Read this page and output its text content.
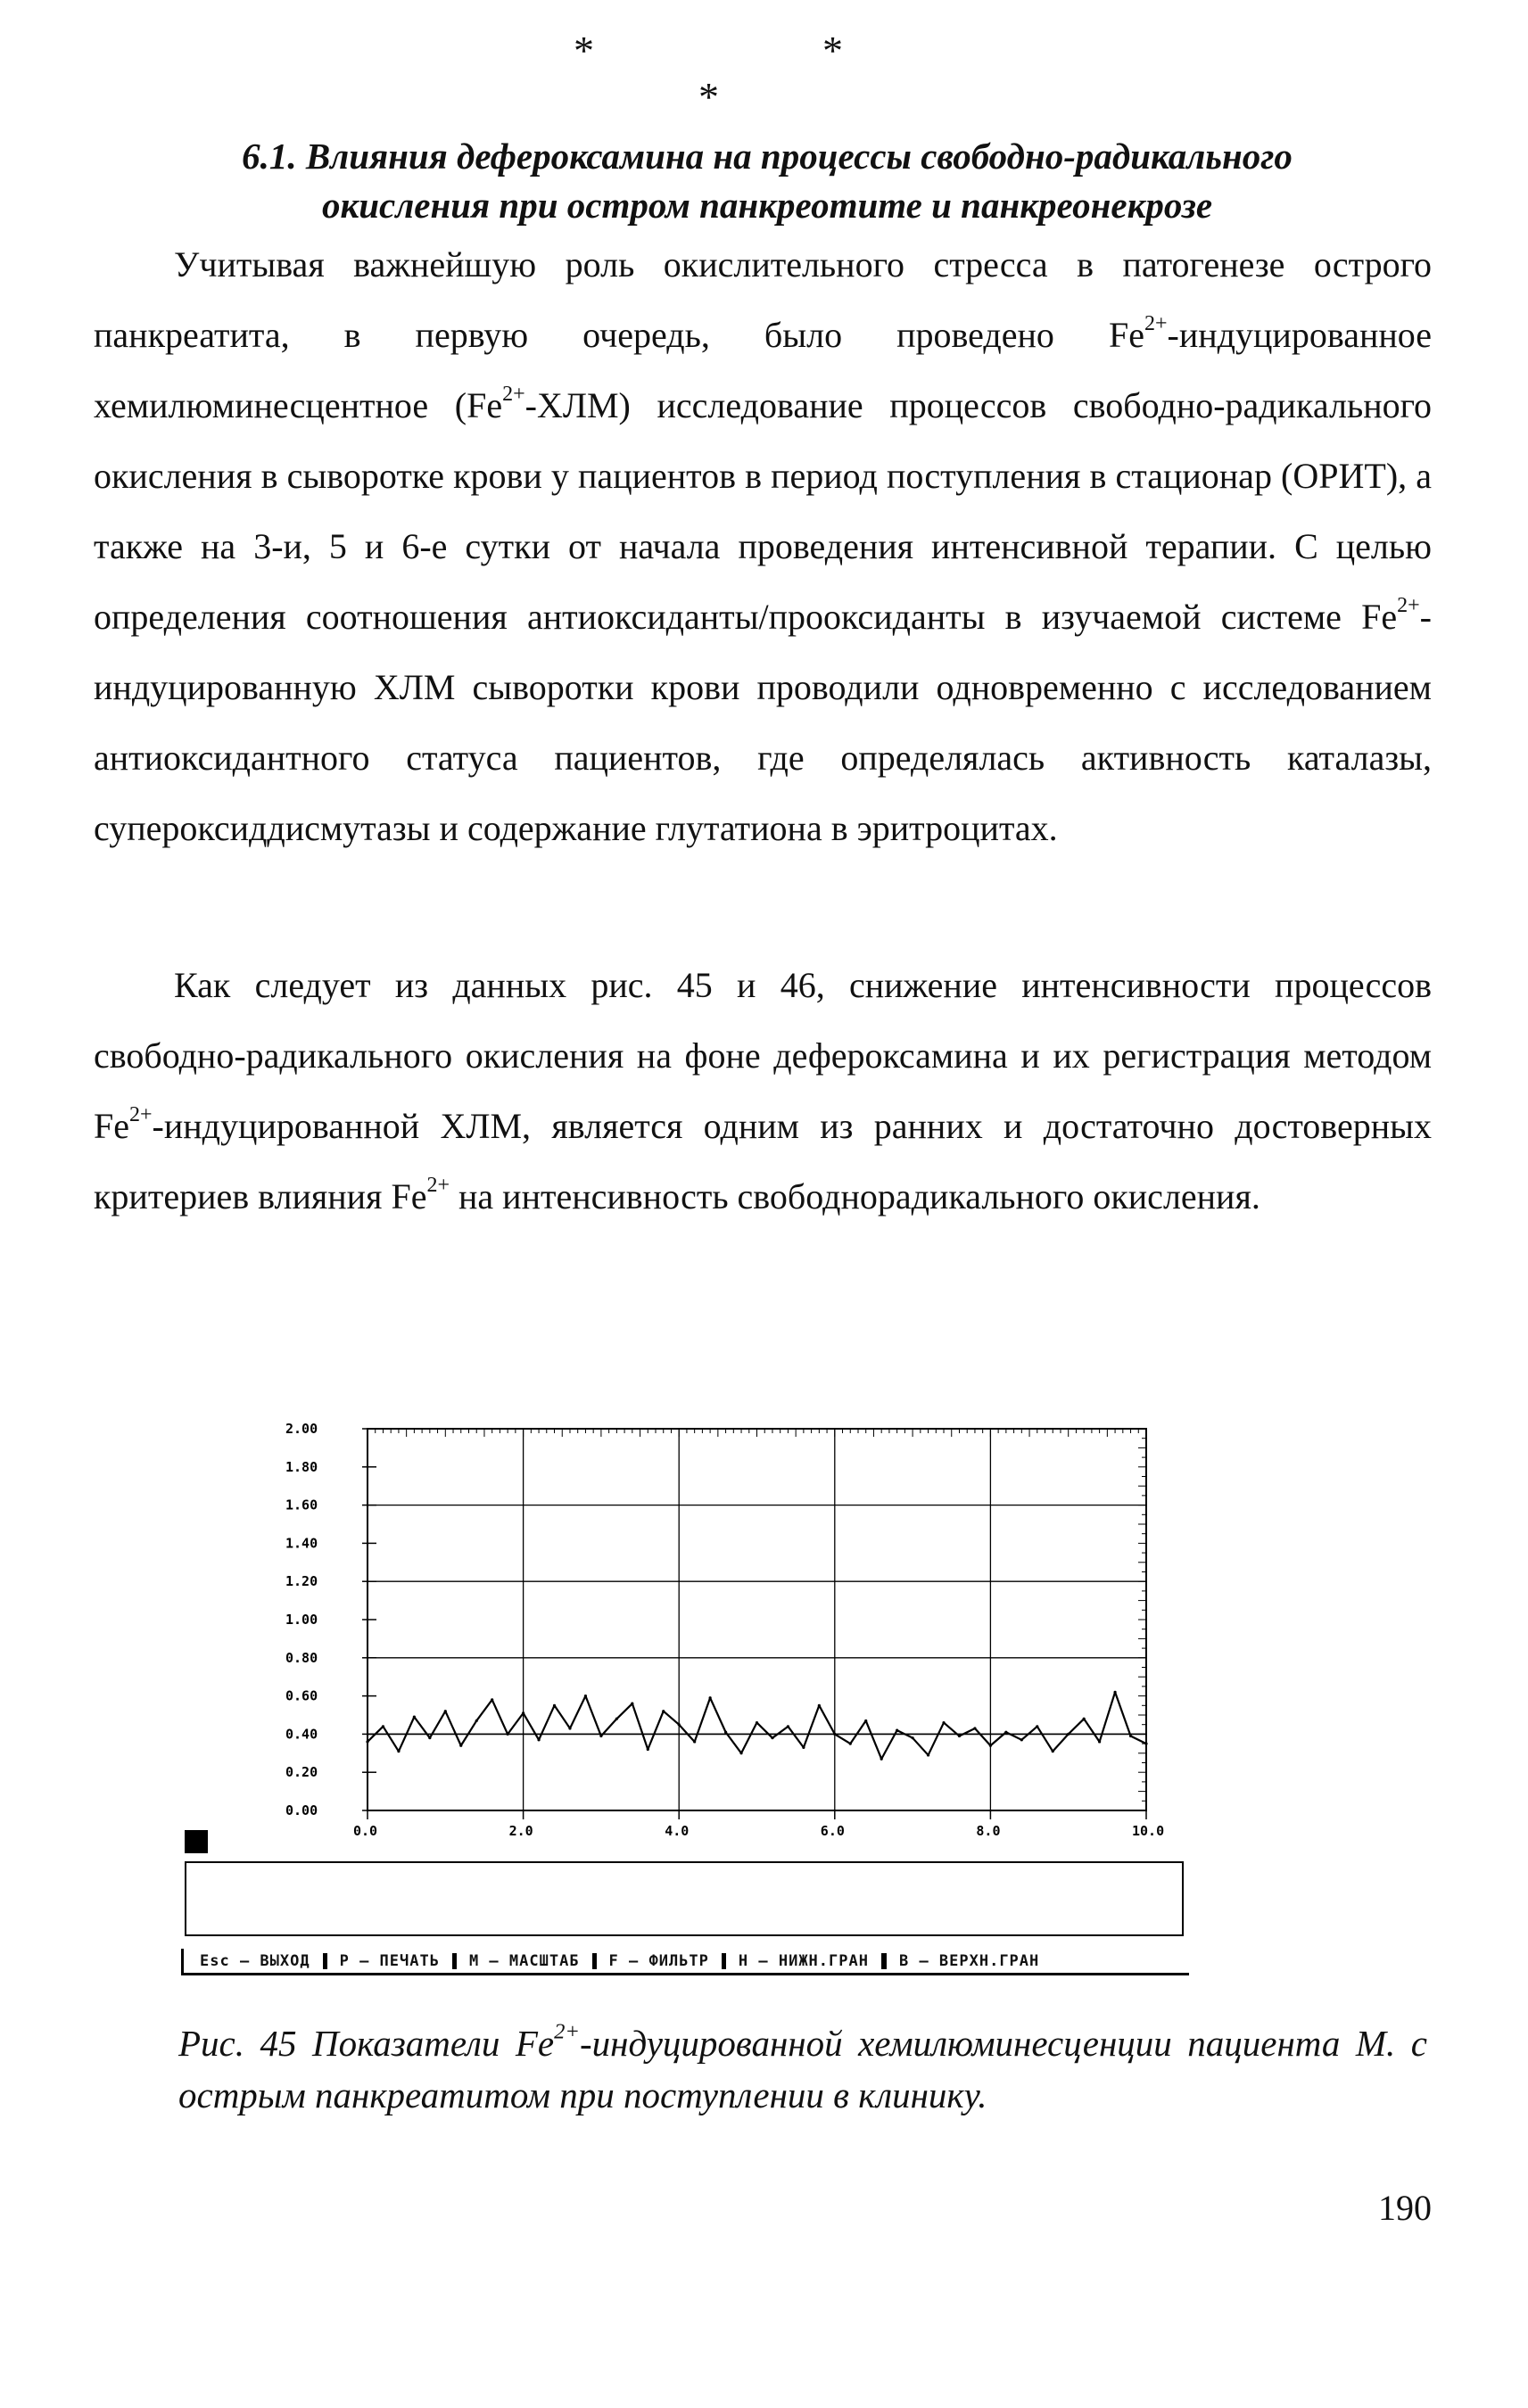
*	*
*
6.1. Влияния дефероксамина на процессы свободно-радикального
окисления при остром панкреотите и панкреонекрозе
Учитывая важнейшую роль окислительного стресса в патогенезе острого панкреатита, в первую очередь, было проведено $Fe^{2+}$-индуцированное хемилюминесцентное $(Fe^{2+}-ХЛМ)$ исследование процессов свободно-радикального окисления в сыворотке крови у пациентов в период поступления в стационар (ОРИТ), а также на 3-и, 5 и 6-е сутки от начала проведения интенсивной терапии. С целью определения соотношения антиоксиданты/прооксиданты в изучаемой системе $Fe^{2+}$-индуцированную ХЛМ сыворотки крови проводили одновременно с исследованием антиоксидантного статуса пациентов, где определялась активность каталазы, супероксиддисмутазы и содержание глутатиона в эритроцитах.
Как следует из данных рис. 45 и 46, снижение интенсивности процессов свободно-радикального окисления на фоне дефероксамина и их регистрация методом $Fe^{2+}$-индуцированной ХЛМ, является одним из ранних и достаточно достоверных критериев влияния $Fe^{2+}$ на интенсивность свободнорадикального окисления.
0.00
0.20
0.40
0.60
0.80
1.00
1.20
1.40
1.60
1.80
2.00
0.0	2.0	4.0	6.0	8.0	10.0
Esc – ВЫХОД P – ПЕЧАТЬ M – МАСШТАБ F – ФИЛЬТР H – НИЖН.ГРАН B – ВЕРХН.ГРАН
Рис. 45 Показатели $Fe^{2+}$-индуцированной хемилюминесценции пациента М. с острым панкреатитом при поступлении в клинику.
190
